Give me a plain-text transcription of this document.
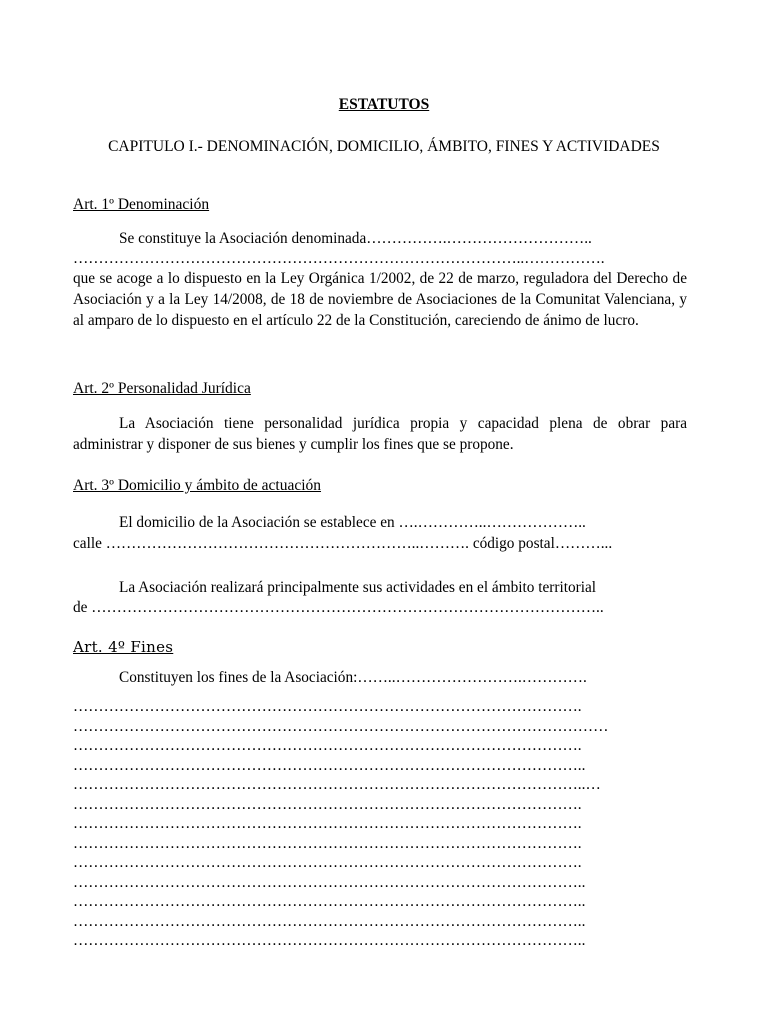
ESTATUTOS
CAPITULO I.- DENOMINACIÓN, DOMICILIO, ÁMBITO, FINES Y ACTIVIDADES
Art. 1º Denominación
Se constituye la Asociación denominada…………….………………………..
……………………………………………………………………………..…………….
que se acoge a lo dispuesto en la Ley Orgánica 1/2002, de 22 de marzo, reguladora del Derecho de Asociación y a la Ley 14/2008, de 18 de noviembre de Asociaciones de la Comunitat Valenciana, y al amparo de lo dispuesto en el artículo 22 de la Constitución, careciendo de ánimo de lucro.
Art. 2º Personalidad Jurídica
La Asociación tiene personalidad jurídica propia y capacidad plena de obrar para administrar y disponer de sus bienes y cumplir los fines que se propone.
Art. 3º Domicilio y ámbito de actuación
El domicilio de la Asociación se establece en ….…………..………………..
calle ……………………………………………………..………. código postal………...
La Asociación realizará principalmente sus actividades en el ámbito territorial
de ………………………………………………………………………………………..
Art. 4º Fines
Constituyen los fines de la Asociación:……..…………………….………….
……………………………………………………………………………………….
……………………………………………………………………………………………
……………………………………………………………………………………….
………………………………………………………………………………………..
………………………………………………………………………………………..…
……………………………………………………………………………………….
……………………………………………………………………………………….
……………………………………………………………………………………….
……………………………………………………………………………………….
………………………………………………………………………………………..
………………………………………………………………………………………..
………………………………………………………………………………………..
………………………………………………………………………………………..
